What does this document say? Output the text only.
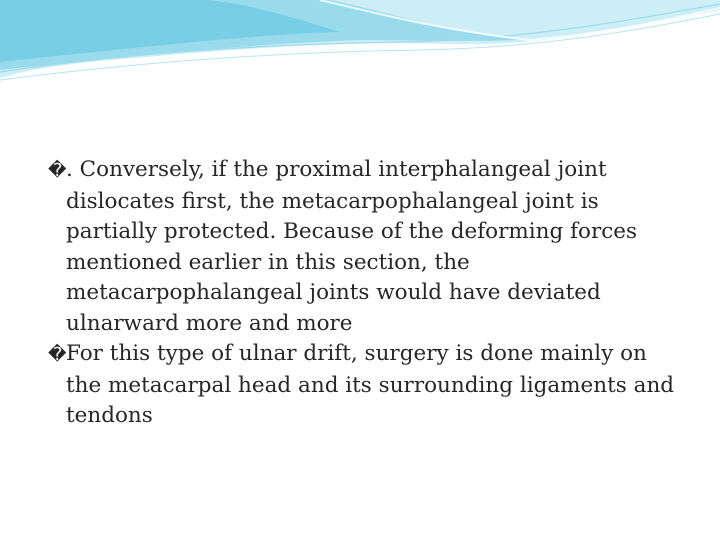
�. Conversely, if the proximal interphalangeal joint dislocates first, the metacarpophalangeal joint is partially protected. Because of the deforming forces mentioned earlier in this section, the metacarpophalangeal joints would have deviated ulnarward more and more

�For this type of ulnar drift, surgery is done mainly on the metacarpal head and its surrounding ligaments and tendons
